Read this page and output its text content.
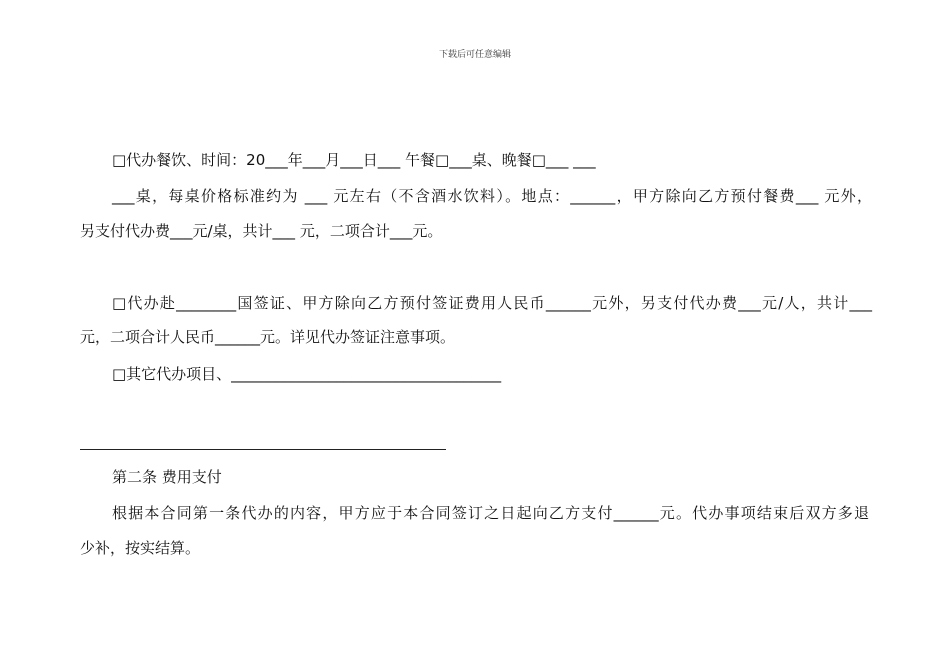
下载后可任意编辑
□代办餐饮、时间：20___年___月___日___ 午餐□___桌、晚餐□___ ___
___桌，每桌价格标准约为 ___ 元左右（不含酒水饮料）。地点：______，甲方除向乙方预付餐费___ 元外，
另支付代办费___元/桌，共计___ 元，二项合计___元。
□代办赴________国签证、甲方除向乙方预付签证费用人民币______元外，另支付代办费___元/人，共计___
元，二项合计人民币______元。详见代办签证注意事项。
□其它代办项目、____________________________________
第二条 费用支付
根据本合同第一条代办的内容，甲方应于本合同签订之日起向乙方支付______元。代办事项结束后双方多退
少补，按实结算。
